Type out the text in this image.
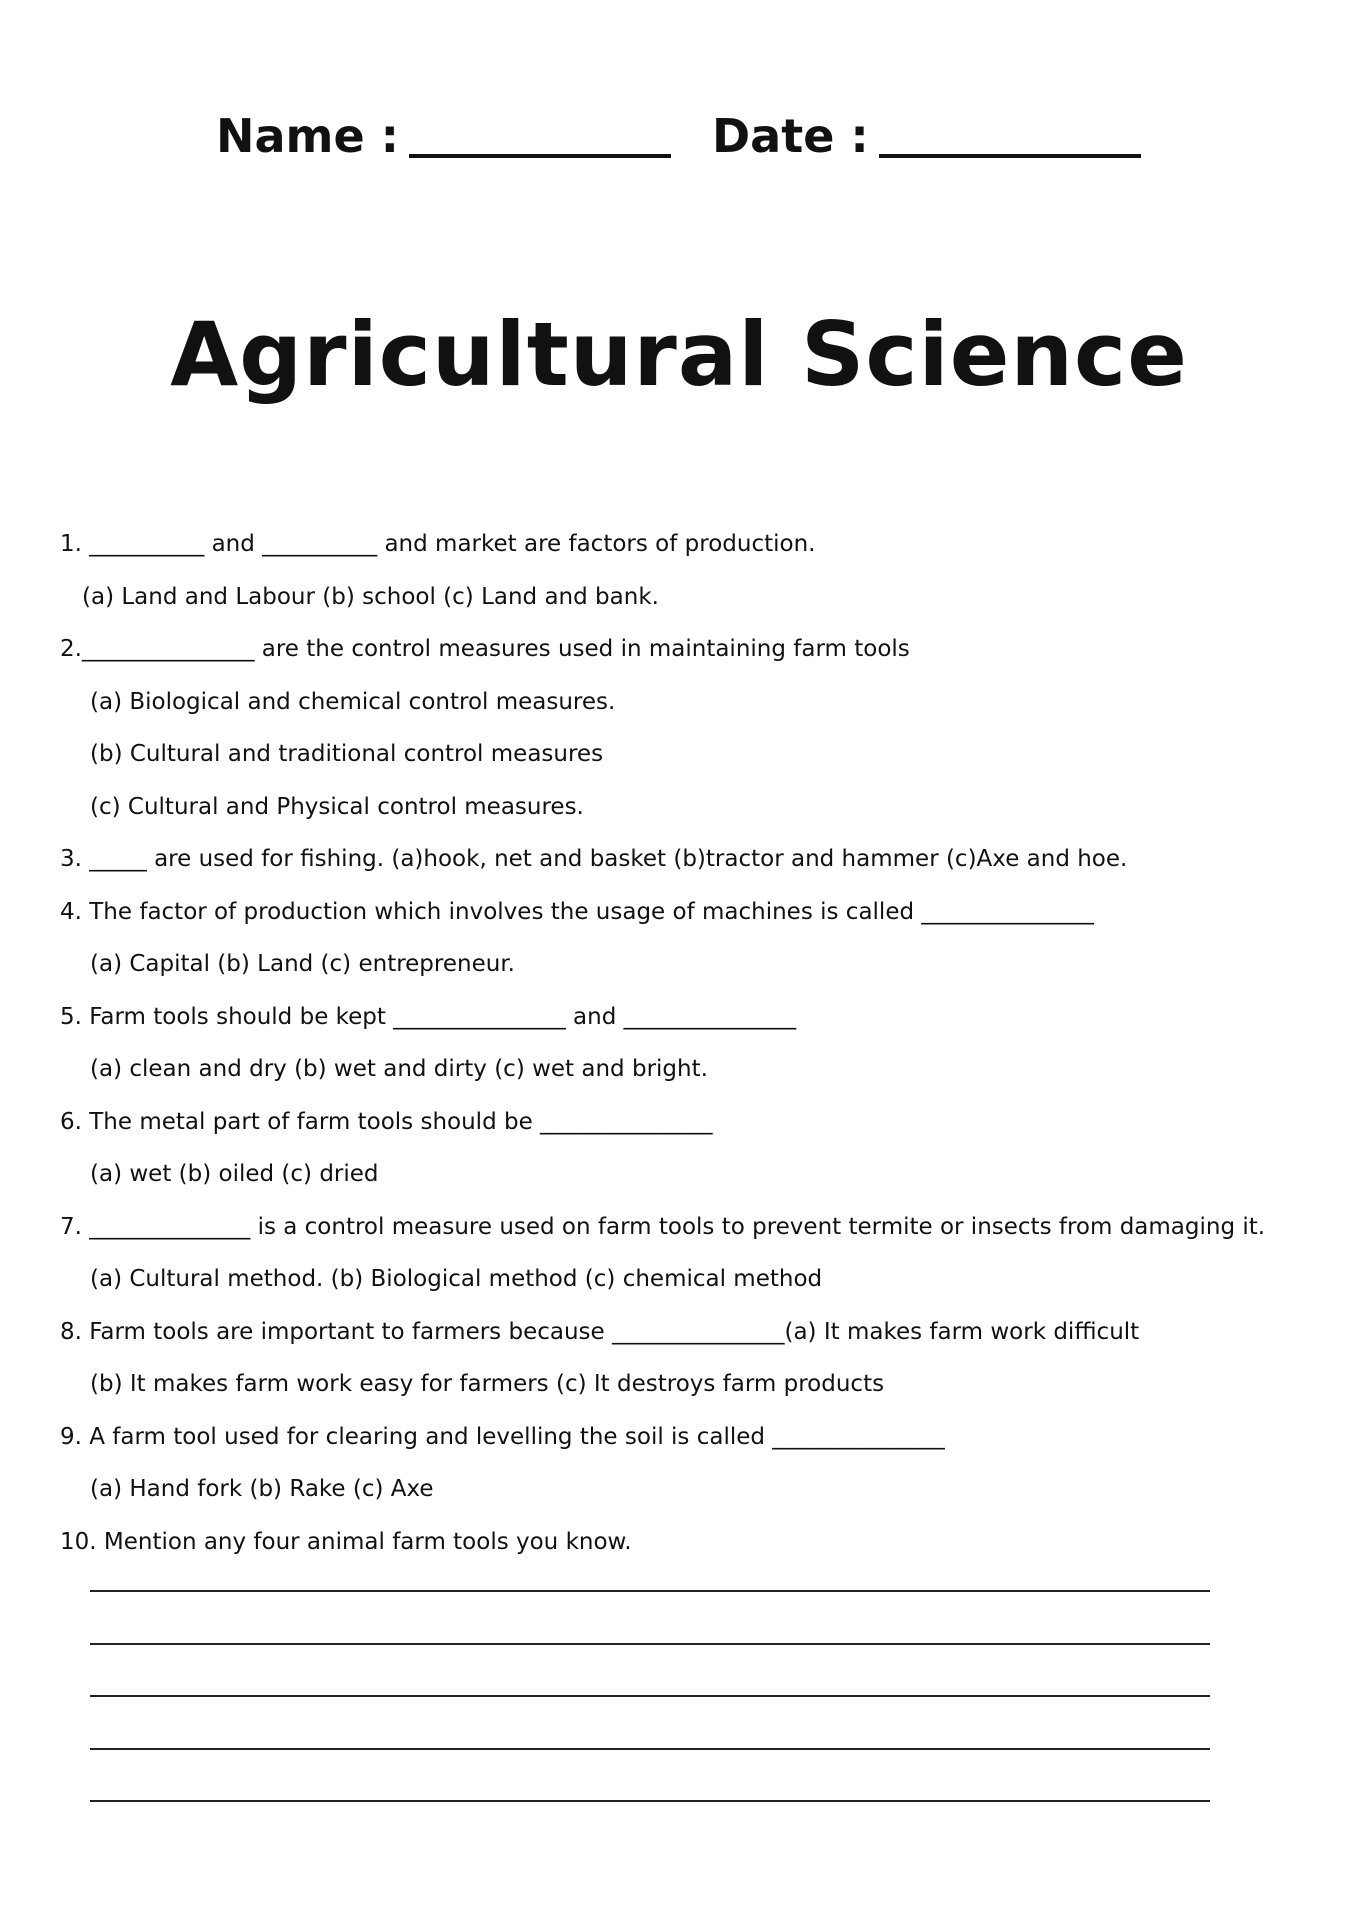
Name :	Date :
Agricultural Science
1. __________ and __________ and market are factors of production.
(a) Land and Labour (b) school (c) Land and bank.
2._______________ are the control measures used in maintaining farm tools
(a) Biological and chemical control measures.
(b) Cultural and traditional control measures
(c) Cultural and Physical control measures.
3. _____ are used for fishing. (a)hook, net and basket (b)tractor and hammer (c)Axe and hoe.
4. The factor of production which involves the usage of machines is called _______________
(a) Capital (b) Land (c) entrepreneur.
5. Farm tools should be kept _______________ and _______________
(a) clean and dry (b) wet and dirty (c) wet and bright.
6. The metal part of farm tools should be _______________
(a) wet (b) oiled (c) dried
7. ______________ is a control measure used on farm tools to prevent termite or insects from damaging it.
(a) Cultural method. (b) Biological method (c) chemical method
8. Farm tools are important to farmers because _______________(a) It makes farm work difficult
(b) It makes farm work easy for farmers (c) It destroys farm products
9. A farm tool used for clearing and levelling the soil is called _______________
(a) Hand fork (b) Rake (c) Axe
10. Mention any four animal farm tools you know.
